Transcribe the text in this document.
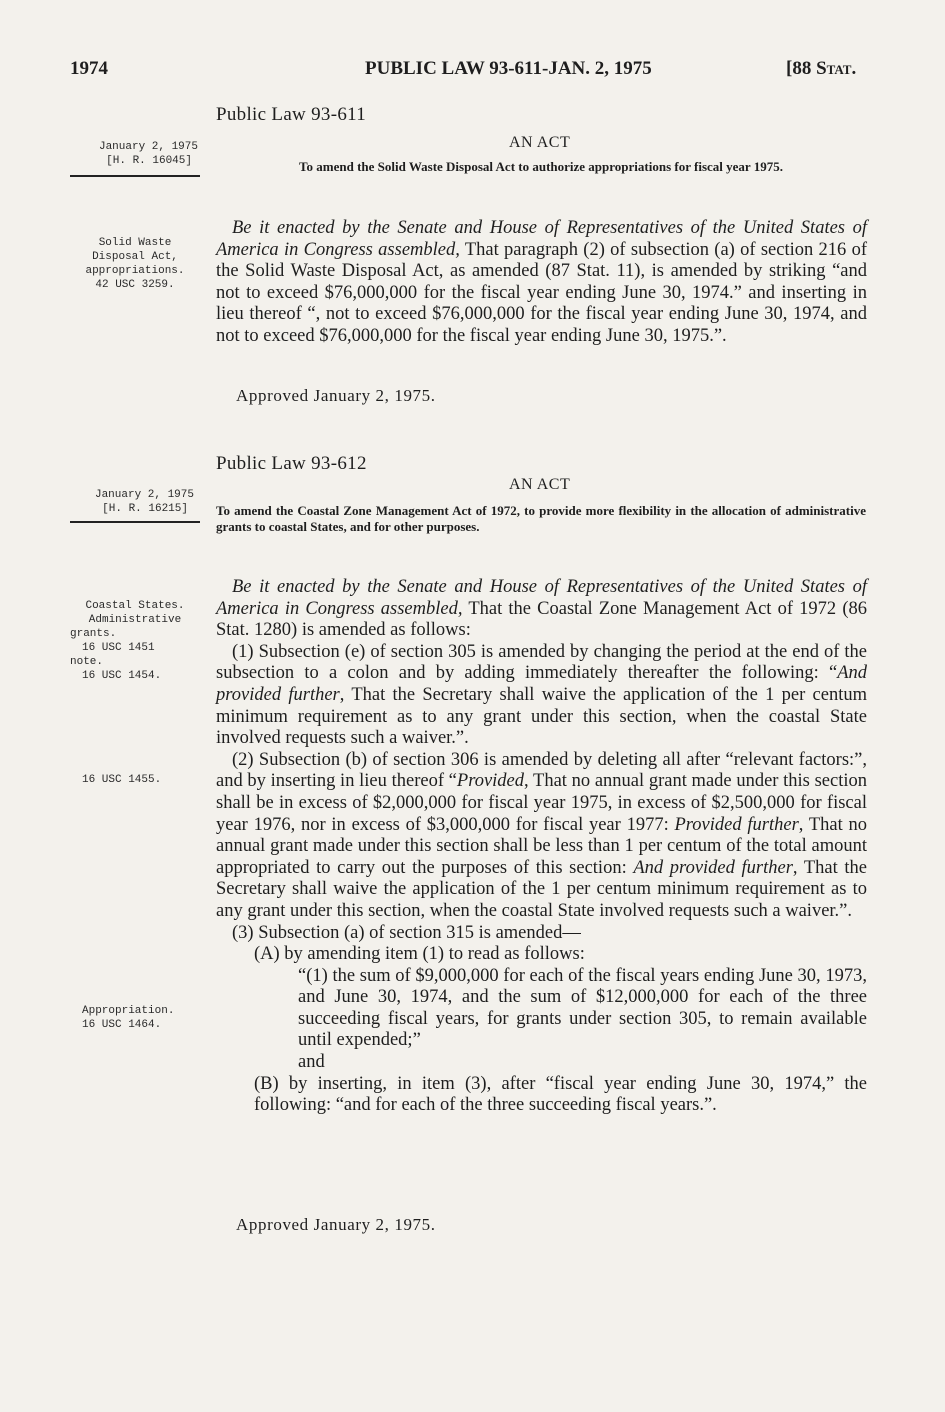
1974	PUBLIC LAW 93-611-JAN. 2, 1975	[88 Stat.
Public Law 93-611
AN ACT
January 2, 1975
[H. R. 16045]	To amend the Solid Waste Disposal Act to authorize appropriations for fiscal year 1975.
Solid Waste
Disposal Act,
appropriations.
42 USC 3259.

Be it enacted by the Senate and House of Representatives of the United States of America in Congress assembled, That paragraph (2) of subsection (a) of section 216 of the Solid Waste Disposal Act, as amended (87 Stat. 11), is amended by striking “and not to exceed $76,000,000 for the fiscal year ending June 30, 1974.” and inserting in lieu thereof “, not to exceed $76,000,000 for the fiscal year ending June 30, 1974, and not to exceed $76,000,000 for the fiscal year ending June 30, 1975.”.

Approved January 2, 1975.
Public Law 93-612
AN ACT
January 2, 1975
[H. R. 16215] To amend the Coastal Zone Management Act of 1972, to provide more flexibility in the allocation of administrative grants to coastal States, and for other purposes.
Coastal States.
Administrative
grants.
16 USC 1451
note.
16 USC 1454.
16 USC 1455.
Appropriation.
16 USC 1464.

Be it enacted by the Senate and House of Representatives of the United States of America in Congress assembled, That the Coastal Zone Management Act of 1972 (86 Stat. 1280) is amended as follows:

(1) Subsection (e) of section 305 is amended by changing the period at the end of the subsection to a colon and by adding immediately thereafter the following: “And provided further, That the Secretary shall waive the application of the 1 per centum minimum requirement as to any grant under this section, when the coastal State involved requests such a waiver.”.

(2) Subsection (b) of section 306 is amended by deleting all after “relevant factors:”, and by inserting in lieu thereof “Provided, That no annual grant made under this section shall be in excess of $2,000,000 for fiscal year 1975, in excess of $2,500,000 for fiscal year 1976, nor in excess of $3,000,000 for fiscal year 1977: Provided further, That no annual grant made under this section shall be less than 1 per centum of the total amount appropriated to carry out the purposes of this section: And provided further, That the Secretary shall waive the application of the 1 per centum minimum requirement as to any grant under this section, when the coastal State involved requests such a waiver.”.

(3) Subsection (a) of section 315 is amended—

(A) by amending item (1) to read as follows:

“(1) the sum of $9,000,000 for each of the fiscal years ending June 30, 1973, and June 30, 1974, and the sum of $12,000,000 for each of the three succeeding fiscal years, for grants under section 305, to remain available until expended;”

and

(B) by inserting, in item (3), after “fiscal year ending June 30, 1974,” the following: “and for each of the three succeeding fiscal years.”.

Approved January 2, 1975.
